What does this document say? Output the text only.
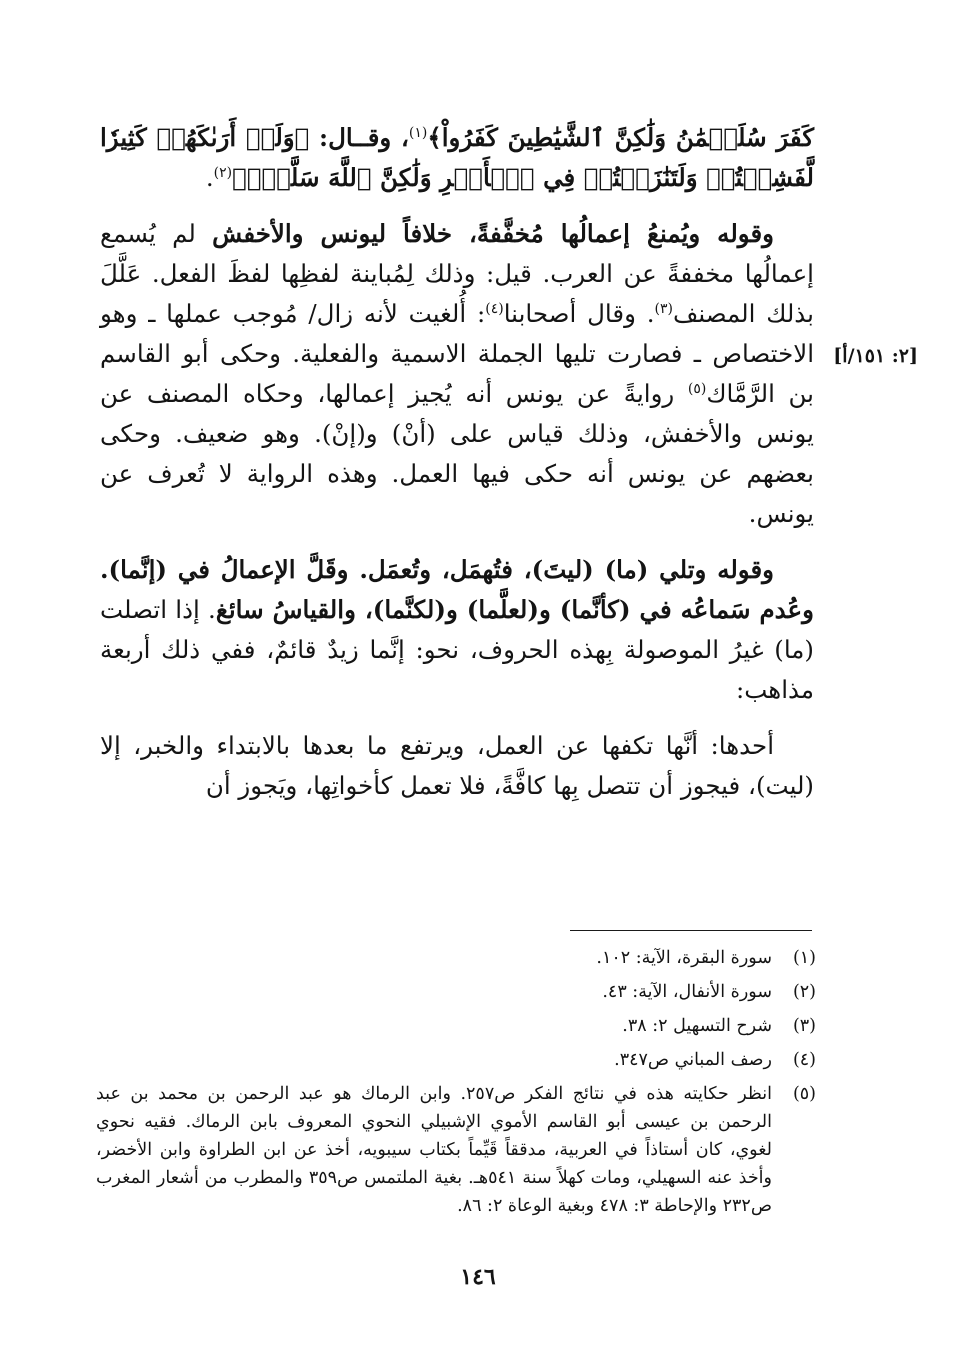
كَفَرَ سُلَيۡمَٰنُ وَلَٰكِنَّ ٱلشَّيَٰطِينَ كَفَرُواْ﴾$^{(١)}$، وقــال: ﴿وَلَوۡ أَرَىٰكَهُمۡ كَثِيرٗا لَّفَشِلۡتُمۡ وَلَتَنَٰزَعۡتُمۡ فِي ٱلۡأَمۡرِ وَلَٰكِنَّ ٱللَّهَ سَلَّمَۚ﴾$^{(٢)}$.

وقوله ويُمنعُ إعمالُها مُخفَّفةً، خلافاً ليونس والأخفش لم يُسمع إعمالُها مخففةً عن العرب. قيل: وذلك لِمُباينة لفظِها لفظَ الفعل. عَلَّلَ بذلك المصنف$^{(٣)}$. وقال أصحابنا$^{(٤)}$: أُلغيت لأنه زال/ مُوجب عملها ـ وهو الاختصاص ـ فصارت تليها الجملة الاسمية والفعلية. وحكى أبو القاسم بن الرَّمَّاك$^{(٥)}$ روايةً عن يونس أنه يُجيز إعمالها، وحكاه المصنف عن يونس والأخفش، وذلك قياس على (أنْ) و(إنْ). وهو ضعيف. وحكى بعضهم عن يونس أنه حكى فيها العمل. وهذه الرواية لا تُعرف عن يونس.

وقوله وتلي (ما) (ليتَ)، فتُهمَل، وتُعمَل. وقَلَّ الإعمالُ في (إنَّما). وعُدم سَماعُه في (كأنَّما) و(لعلَّما) و(لكنَّما)، والقياسُ سائغ. إذا اتصلت (ما) غيرُ الموصولة بِهذه الحروف، نحو: إنَّما زيدٌ قائمٌ، ففي ذلك أربعة مذاهب:

أحدها: أنَّها تكفها عن العمل، ويرتفع ما بعدها بالابتداء والخبر، إلا (ليت)، فيجوز أن تتصل بِها كافَّةً، فلا تعمل كأخواتِها، ويَجوز أن

[٢: ١٥١/أ]
(١)
سورة البقرة، الآية: ١٠٢.
(٢)
سورة الأنفال، الآية: ٤٣.
(٣)
شرح التسهيل ٢: ٣٨.
(٤)
رصف المباني ص٣٤٧.
(٥)
انظر حكايته هذه في نتائج الفكر ص٢٥٧. وابن الرماك هو عبد الرحمن بن محمد بن عبد الرحمن بن عيسى أبو القاسم الأموي الإشبيلي النحوي المعروف بابن الرماك. فقيه نحوي لغوي، كان أستاذاً في العربية، مدققاً قَيِّماً بكتاب سيبويه، أخذ عن ابن الطراوة وابن الأخضر، وأخذ عنه السهيلي، ومات كهلاً سنة ٥٤١هـ. بغية الملتمس ص٣٥٩ والمطرب من أشعار المغرب ص٢٣٢ والإحاطة ٣: ٤٧٨ وبغية الوعاة ٢: ٨٦.
١٤٦
